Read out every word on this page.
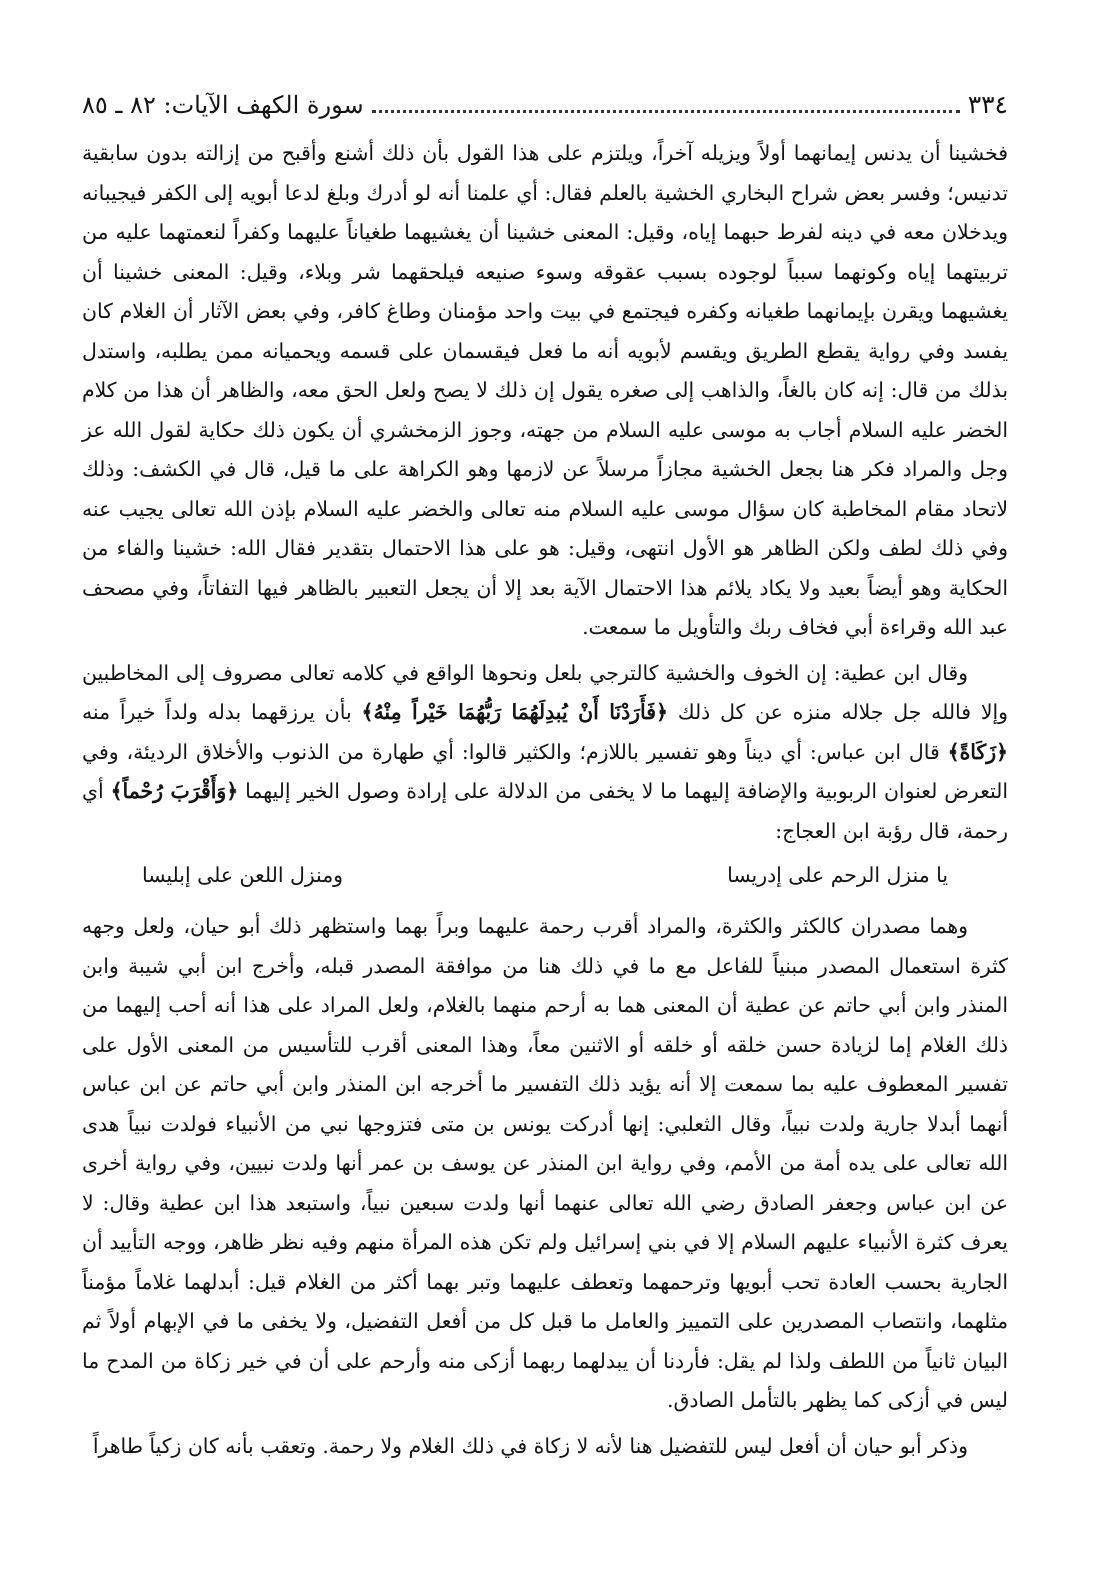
٣٣٤
سورة الكهف الآيات: ٨٢ ـ ٨٥

فخشينا أن يدنس إيمانهما أولاً ويزيله آخراً، ويلتزم على هذا القول بأن ذلك أشنع وأقبح من إزالته بدون سابقية تدنيس؛ وفسر بعض شراح البخاري الخشية بالعلم فقال: أي علمنا أنه لو أدرك وبلغ لدعا أبويه إلى الكفر فيجيبانه ويدخلان معه في دينه لفرط حبهما إياه، وقيل: المعنى خشينا أن يغشيهما طغياناً عليهما وكفراً لنعمتهما عليه من تربيتهما إياه وكونهما سبباً لوجوده بسبب عقوقه وسوء صنيعه فيلحقهما شر وبلاء، وقيل: المعنى خشينا أن يغشيهما ويقرن بإيمانهما طغيانه وكفره فيجتمع في بيت واحد مؤمنان وطاغ كافر، وفي بعض الآثار أن الغلام كان يفسد وفي رواية يقطع الطريق ويقسم لأبويه أنه ما فعل فيقسمان على قسمه ويحميانه ممن يطلبه، واستدل بذلك من قال: إنه كان بالغاً، والذاهب إلى صغره يقول إن ذلك لا يصح ولعل الحق معه، والظاهر أن هذا من كلام الخضر عليه السلام أجاب به موسى عليه السلام من جهته، وجوز الزمخشري أن يكون ذلك حكاية لقول الله عز وجل والمراد فكر هنا بجعل الخشية مجازاً مرسلاً عن لازمها وهو الكراهة على ما قيل، قال في الكشف: وذلك لاتحاد مقام المخاطبة كان سؤال موسى عليه السلام منه تعالى والخضر عليه السلام بإذن الله تعالى يجيب عنه وفي ذلك لطف ولكن الظاهر هو الأول انتهى، وقيل: هو على هذا الاحتمال بتقدير فقال الله: خشينا والفاء من الحكاية وهو أيضاً بعيد ولا يكاد يلائم هذا الاحتمال الآية بعد إلا أن يجعل التعبير بالظاهر فيها التفاتاً، وفي مصحف عبد الله وقراءة أبي فخاف ربك والتأويل ما سمعت.

وقال ابن عطية: إن الخوف والخشية كالترجي بلعل ونحوها الواقع في كلامه تعالى مصروف إلى المخاطبين وإلا فالله جل جلاله منزه عن كل ذلك ﴿فَأَرَدْنَا أَنْ يُبدِلَهُمَا رَبُّهُمَا خَيْراً مِنْهُ﴾ بأن يرزقهما بدله ولداً خيراً منه ﴿زَكَاةً﴾ قال ابن عباس: أي ديناً وهو تفسير باللازم؛ والكثير قالوا: أي طهارة من الذنوب والأخلاق الرديئة، وفي التعرض لعنوان الربوبية والإضافة إليهما ما لا يخفى من الدلالة على إرادة وصول الخير إليهما ﴿وَأَقْرَبَ رُحْماً﴾ أي رحمة، قال رؤبة ابن العجاج:

يا منزل الرحم على إدريسا
ومنزل اللعن على إبليسا

وهما مصدران كالكثر والكثرة، والمراد أقرب رحمة عليهما وبراً بهما واستظهر ذلك أبو حيان، ولعل وجهه كثرة استعمال المصدر مبنياً للفاعل مع ما في ذلك هنا من موافقة المصدر قبله، وأخرج ابن أبي شيبة وابن المنذر وابن أبي حاتم عن عطية أن المعنى هما به أرحم منهما بالغلام، ولعل المراد على هذا أنه أحب إليهما من ذلك الغلام إما لزيادة حسن خلقه أو خلقه أو الاثنين معاً، وهذا المعنى أقرب للتأسيس من المعنى الأول على تفسير المعطوف عليه بما سمعت إلا أنه يؤيد ذلك التفسير ما أخرجه ابن المنذر وابن أبي حاتم عن ابن عباس أنهما أبدلا جارية ولدت نبياً، وقال الثعلبي: إنها أدركت يونس بن متى فتزوجها نبي من الأنبياء فولدت نبياً هدى الله تعالى على يده أمة من الأمم، وفي رواية ابن المنذر عن يوسف بن عمر أنها ولدت نبيين، وفي رواية أخرى عن ابن عباس وجعفر الصادق رضي الله تعالى عنهما أنها ولدت سبعين نبياً، واستبعد هذا ابن عطية وقال: لا يعرف كثرة الأنبياء عليهم السلام إلا في بني إسرائيل ولم تكن هذه المرأة منهم وفيه نظر ظاهر، ووجه التأييد أن الجارية بحسب العادة تحب أبويها وترحمهما وتعطف عليهما وتبر بهما أكثر من الغلام قيل: أبدلهما غلاماً مؤمناً مثلهما، وانتصاب المصدرين على التمييز والعامل ما قبل كل من أفعل التفضيل، ولا يخفى ما في الإبهام أولاً ثم البيان ثانياً من اللطف ولذا لم يقل: فأردنا أن يبدلهما ربهما أزكى منه وأرحم على أن في خير زكاة من المدح ما ليس في أزكى كما يظهر بالتأمل الصادق.

وذكر أبو حيان أن أفعل ليس للتفضيل هنا لأنه لا زكاة في ذلك الغلام ولا رحمة. وتعقب بأنه كان زكياً طاهراً
